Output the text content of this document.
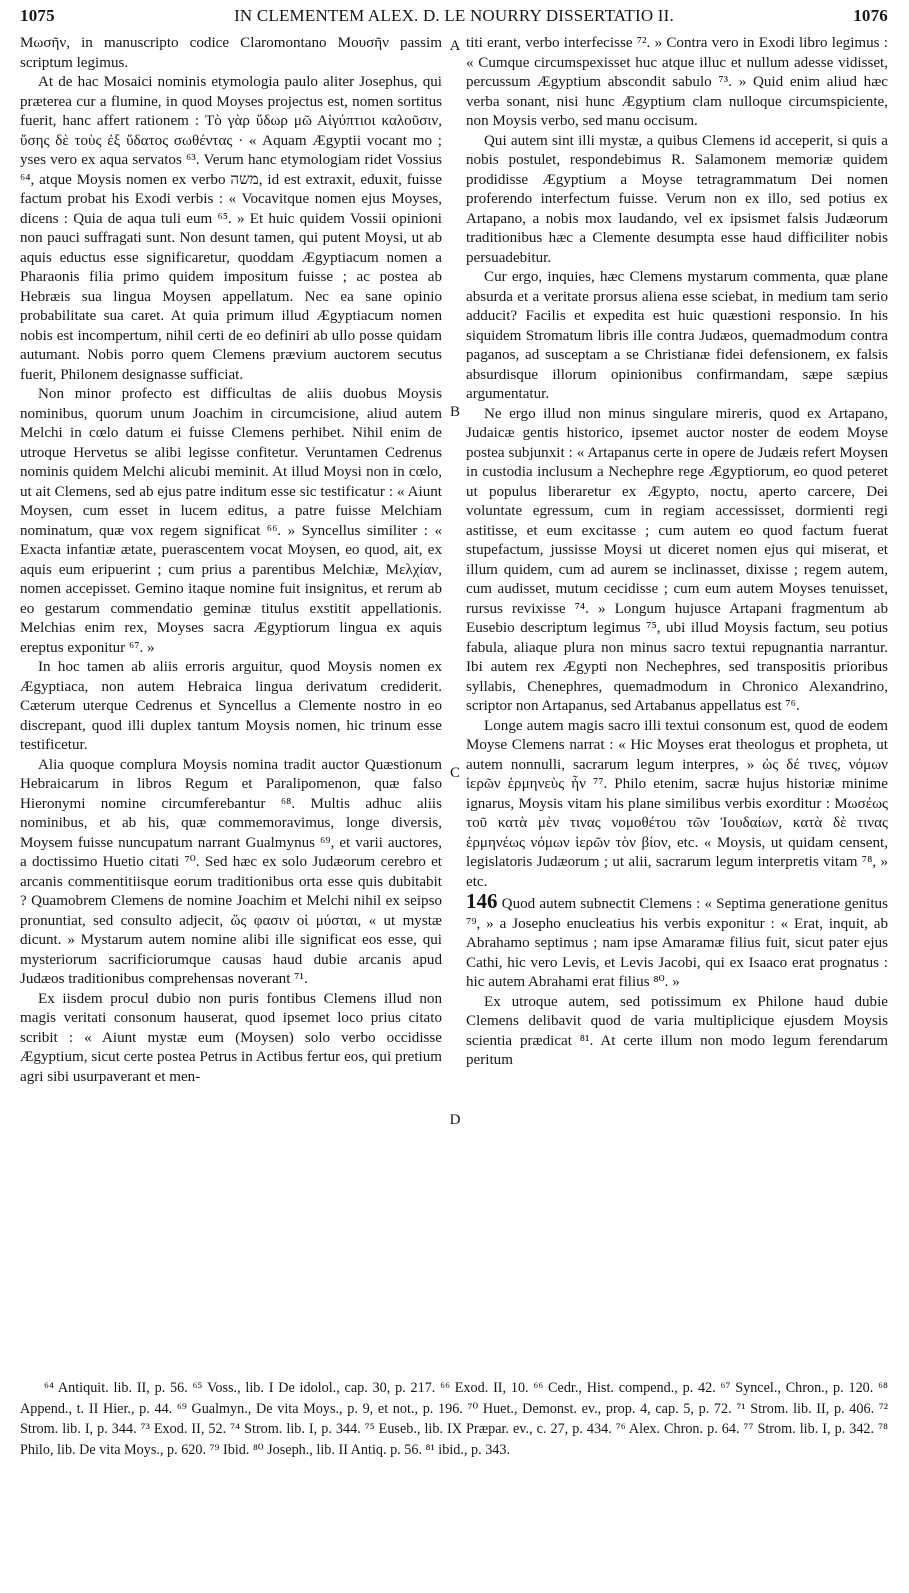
1075	IN CLEMENTEM ALEX. D. LE NOURRY DISSERTATIO II.	1076

Μωσῆν, in manuscripto codice Claromontano Μουσῆν passim scriptum legimus.

At de hac Mosaici nominis etymologia paulo aliter Josephus, qui præterea cur a flumine, in quod Moyses projectus est, nomen sortitus fuerit, hanc affert rationem : Τὸ γὰρ ὕδωρ μῶ Αἰγύπτιοι καλοῦσιν, ὕσης δὲ τοὺς ἐξ ὕδατος σωθέντας · « Aquam Ægyptii vocant mo ; yses vero ex aqua servatos ⁶³. Verum hanc etymologiam ridet Vossius ⁶⁴, atque Moysis nomen ex verbo משה, id est extraxit, eduxit, fuisse factum probat his Exodi verbis : « Vocavitque nomen ejus Moyses, dicens : Quia de aqua tuli eum ⁶⁵. » Et huic quidem Vossii opinioni non pauci suffragati sunt. Non desunt tamen, qui putent Moysi, ut ab aquis eductus esse significaretur, quoddam Ægyptiacum nomen a Pharaonis filia primo quidem impositum fuisse ; ac postea ab Hebræis sua lingua Moysen appellatum. Nec ea sane opinio probabilitate sua caret. At quia primum illud Ægyptiacum nomen nobis est incompertum, nihil certi de eo definiri ab ullo posse quidam autumant. Nobis porro quem Clemens prævium auctorem secutus fuerit, Philonem designasse sufficiat.

Non minor profecto est difficultas de aliis duobus Moysis nominibus, quorum unum Joachim in circumcisione, aliud autem Melchi in cœlo datum ei fuisse Clemens perhibet. Nihil enim de utroque Hervetus se alibi legisse confitetur. Veruntamen Cedrenus nominis quidem Melchi alicubi meminit. At illud Moysi non in cœlo, ut ait Clemens, sed ab ejus patre inditum esse sic testificatur : « Aiunt Moysen, cum esset in lucem editus, a patre fuisse Melchiam nominatum, quæ vox regem significat ⁶⁶. » Syncellus similiter : « Exacta infantiæ ætate, puerascentem vocat Moysen, eo quod, ait, ex aquis eum eripuerint ; cum prius a parentibus Melchiæ, Μελχίαν, nomen accepisset. Gemino itaque nomine fuit insignitus, et rerum ab eo gestarum commendatio geminæ titulus exstitit appellationis. Melchias enim rex, Moyses sacra Ægyptiorum lingua ex aquis ereptus exponitur ⁶⁷. »

In hoc tamen ab aliis erroris arguitur, quod Moysis nomen ex Ægyptiaca, non autem Hebraica lingua derivatum crediderit. Cæterum uterque Cedrenus et Syncellus a Clemente nostro in eo discrepant, quod illi duplex tantum Moysis nomen, hic trinum esse testificetur.

Alia quoque complura Moysis nomina tradit auctor Quæstionum Hebraicarum in libros Regum et Paralipomenon, quæ falso Hieronymi nomine circumferebantur ⁶⁸. Multis adhuc aliis nominibus, et ab his, quæ commemoravimus, longe diversis, Moysem fuisse nuncupatum narrant Gualmynus ⁶⁹, et varii auctores, a doctissimo Huetio citati ⁷⁰. Sed hæc ex solo Judæorum cerebro et arcanis commentitiisque eorum traditionibus orta esse quis dubitabit ? Quamobrem Clemens de nomine Joachim et Melchi nihil ex seipso pronuntiat, sed consulto adjecit, ὥς φασιν οἱ μύσται, « ut mystæ dicunt. » Mystarum autem nomine alibi ille significat eos esse, qui mysteriorum sacrificiorumque causas haud dubie arcanis apud Judæos traditionibus comprehensas noverant ⁷¹.

Ex iisdem procul dubio non puris fontibus Clemens illud non magis veritati consonum hauserat, quod ipsemet loco prius citato scribit : « Aiunt mystæ eum (Moysen) solo verbo occidisse Ægyptium, sicut certe postea Petrus in Actibus fertur eos, qui pretium agri sibi usurpaverant et men-

A
B
C
D

titi erant, verbo interfecisse ⁷². » Contra vero in Exodi libro legimus : « Cumque circumspexisset huc atque illuc et nullum adesse vidisset, percussum Ægyptium abscondit sabulo ⁷³. » Quid enim aliud hæc verba sonant, nisi hunc Ægyptium clam nulloque circumspiciente, non Moysis verbo, sed manu occisum.

Qui autem sint illi mystæ, a quibus Clemens id acceperit, si quis a nobis postulet, respondebimus R. Salamonem memoriæ quidem prodidisse Ægyptium a Moyse tetragrammatum Dei nomen proferendo interfectum fuisse. Verum non ex illo, sed potius ex Artapano, a nobis mox laudando, vel ex ipsismet falsis Judæorum traditionibus hæc a Clemente desumpta esse haud difficiliter nobis persuadebitur.

Cur ergo, inquies, hæc Clemens mystarum commenta, quæ plane absurda et a veritate prorsus aliena esse sciebat, in medium tam serio adducit? Facilis et expedita est huic quæstioni responsio. In his siquidem Stromatum libris ille contra Judæos, quemadmodum contra paganos, ad susceptam a se Christianæ fidei defensionem, ex falsis absurdisque illorum opinionibus confirmandam, sæpe sæpius argumentatur.

Ne ergo illud non minus singulare mireris, quod ex Artapano, Judaicæ gentis historico, ipsemet auctor noster de eodem Moyse postea subjunxit : « Artapanus certe in opere de Judæis refert Moysen in custodia inclusum a Nechephre rege Ægyptiorum, eo quod peteret ut populus liberaretur ex Ægypto, noctu, aperto carcere, Dei voluntate egressum, cum in regiam accessisset, dormienti regi astitisse, et eum excitasse ; cum autem eo quod factum fuerat stupefactum, jussisse Moysi ut diceret nomen ejus qui miserat, et illum quidem, cum ad aurem se inclinasset, dixisse ; regem autem, cum audisset, mutum cecidisse ; cum eum autem Moyses tenuisset, rursus revixisse ⁷⁴. » Longum hujusce Artapani fragmentum ab Eusebio descriptum legimus ⁷⁵, ubi illud Moysis factum, seu potius fabula, aliaque plura non minus sacro textui repugnantia narrantur. Ibi autem rex Ægypti non Nechephres, sed transpositis prioribus syllabis, Chenephres, quemadmodum in Chronico Alexandrino, scriptor non Artapanus, sed Artabanus appellatus est ⁷⁶.

Longe autem magis sacro illi textui consonum est, quod de eodem Moyse Clemens narrat : « Hic Moyses erat theologus et propheta, ut autem nonnulli, sacrarum legum interpres, » ὡς δέ τινες, νόμων ἱερῶν ἑρμηνεὺς ἦν ⁷⁷. Philo etenim, sacræ hujus historiæ minime ignarus, Moysis vitam his plane similibus verbis exorditur : Μωσέως τοῦ κατὰ μὲν τινας νομοθέτου τῶν Ἰουδαίων, κατὰ δὲ τινας ἑρμηνέως νόμων ἱερῶν τὸν βίον, etc. « Moysis, ut quidam censent, legislatoris Judæorum ; ut alii, sacrarum legum interpretis vitam ⁷⁸, » etc.

146 Quod autem subnectit Clemens : « Septima generatione genitus ⁷⁹, » a Josepho enucleatius his verbis exponitur : « Erat, inquit, ab Abrahamo septimus ; nam ipse Amaramæ filius fuit, sicut pater ejus Cathi, hic vero Levis, et Levis Jacobi, qui ex Isaaco erat prognatus : hic autem Abrahami erat filius ⁸⁰. »

Ex utroque autem, sed potissimum ex Philone haud dubie Clemens delibavit quod de varia multiplicique ejusdem Moysis scientia prædicat ⁸¹. At certe illum non modo legum ferendarum peritum

⁶⁴ Antiquit. lib. II, p. 56. ⁶⁵ Voss., lib. I De idolol., cap. 30, p. 217. ⁶⁶ Exod. II, 10. ⁶⁶ Cedr., Hist. compend., p. 42. ⁶⁷ Syncel., Chron., p. 120. ⁶⁸ Append., t. II Hier., p. 44. ⁶⁹ Gualmyn., De vita Moys., p. 9, et not., p. 196. ⁷⁰ Huet., Demonst. ev., prop. 4, cap. 5, p. 72. ⁷¹ Strom. lib. II, p. 406. ⁷² Strom. lib. I, p. 344. ⁷³ Exod. II, 52. ⁷⁴ Strom. lib. I, p. 344. ⁷⁵ Euseb., lib. IX Præpar. ev., c. 27, p. 434. ⁷⁶ Alex. Chron. p. 64. ⁷⁷ Strom. lib. I, p. 342. ⁷⁸ Philo, lib. De vita Moys., p. 620. ⁷⁹ Ibid. ⁸⁰ Joseph., lib. II Antiq. p. 56. ⁸¹ ibid., p. 343.
